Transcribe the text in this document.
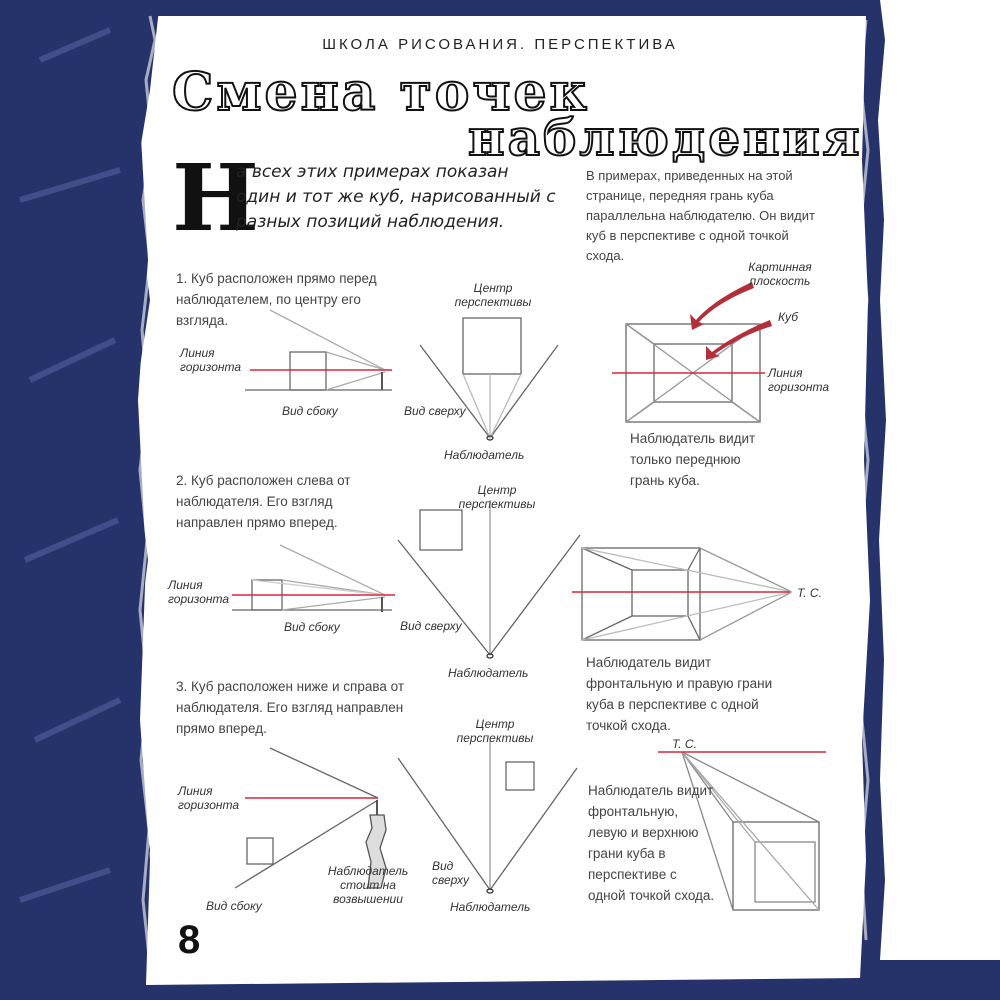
ШКОЛА РИСОВАНИЯ. ПЕРСПЕКТИВА
Смена точек
наблюдения
Н
а всех этих примерах показан один и тот же куб, нарисованный с разных позиций наблюдения.
В примерах, приведенных на этой странице, передняя грань куба параллельна наблюдателю. Он видит куб в перспективе с одной точкой схода.
1. Куб расположен прямо перед наблюдателем, по центру его взгляда.
Линия горизонта
Вид сбоку	Вид сверху
Центр перспективы
Наблюдатель
Картинная плоскость
Куб
Линия горизонта
Наблюдатель видит только переднюю грань куба.
2. Куб расположен слева от наблюдателя. Его взгляд направлен прямо вперед.
Линия горизонта
Вид сбоку	Вид сверху
Центр перспективы
Наблюдатель
Т. С.
Наблюдатель видит фронтальную и правую грани куба в перспективе с одной точкой схода.
3. Куб расположен ниже и справа от наблюдателя. Его взгляд направлен прямо вперед.
Линия горизонта
Вид сбоку
Вид сверху
Центр перспективы
Наблюдатель
Наблюдатель стоит на возвышении
Т. С.
Наблюдатель видит фронтальную, левую и верхнюю грани куба в перспективе с одной точкой схода.
8
